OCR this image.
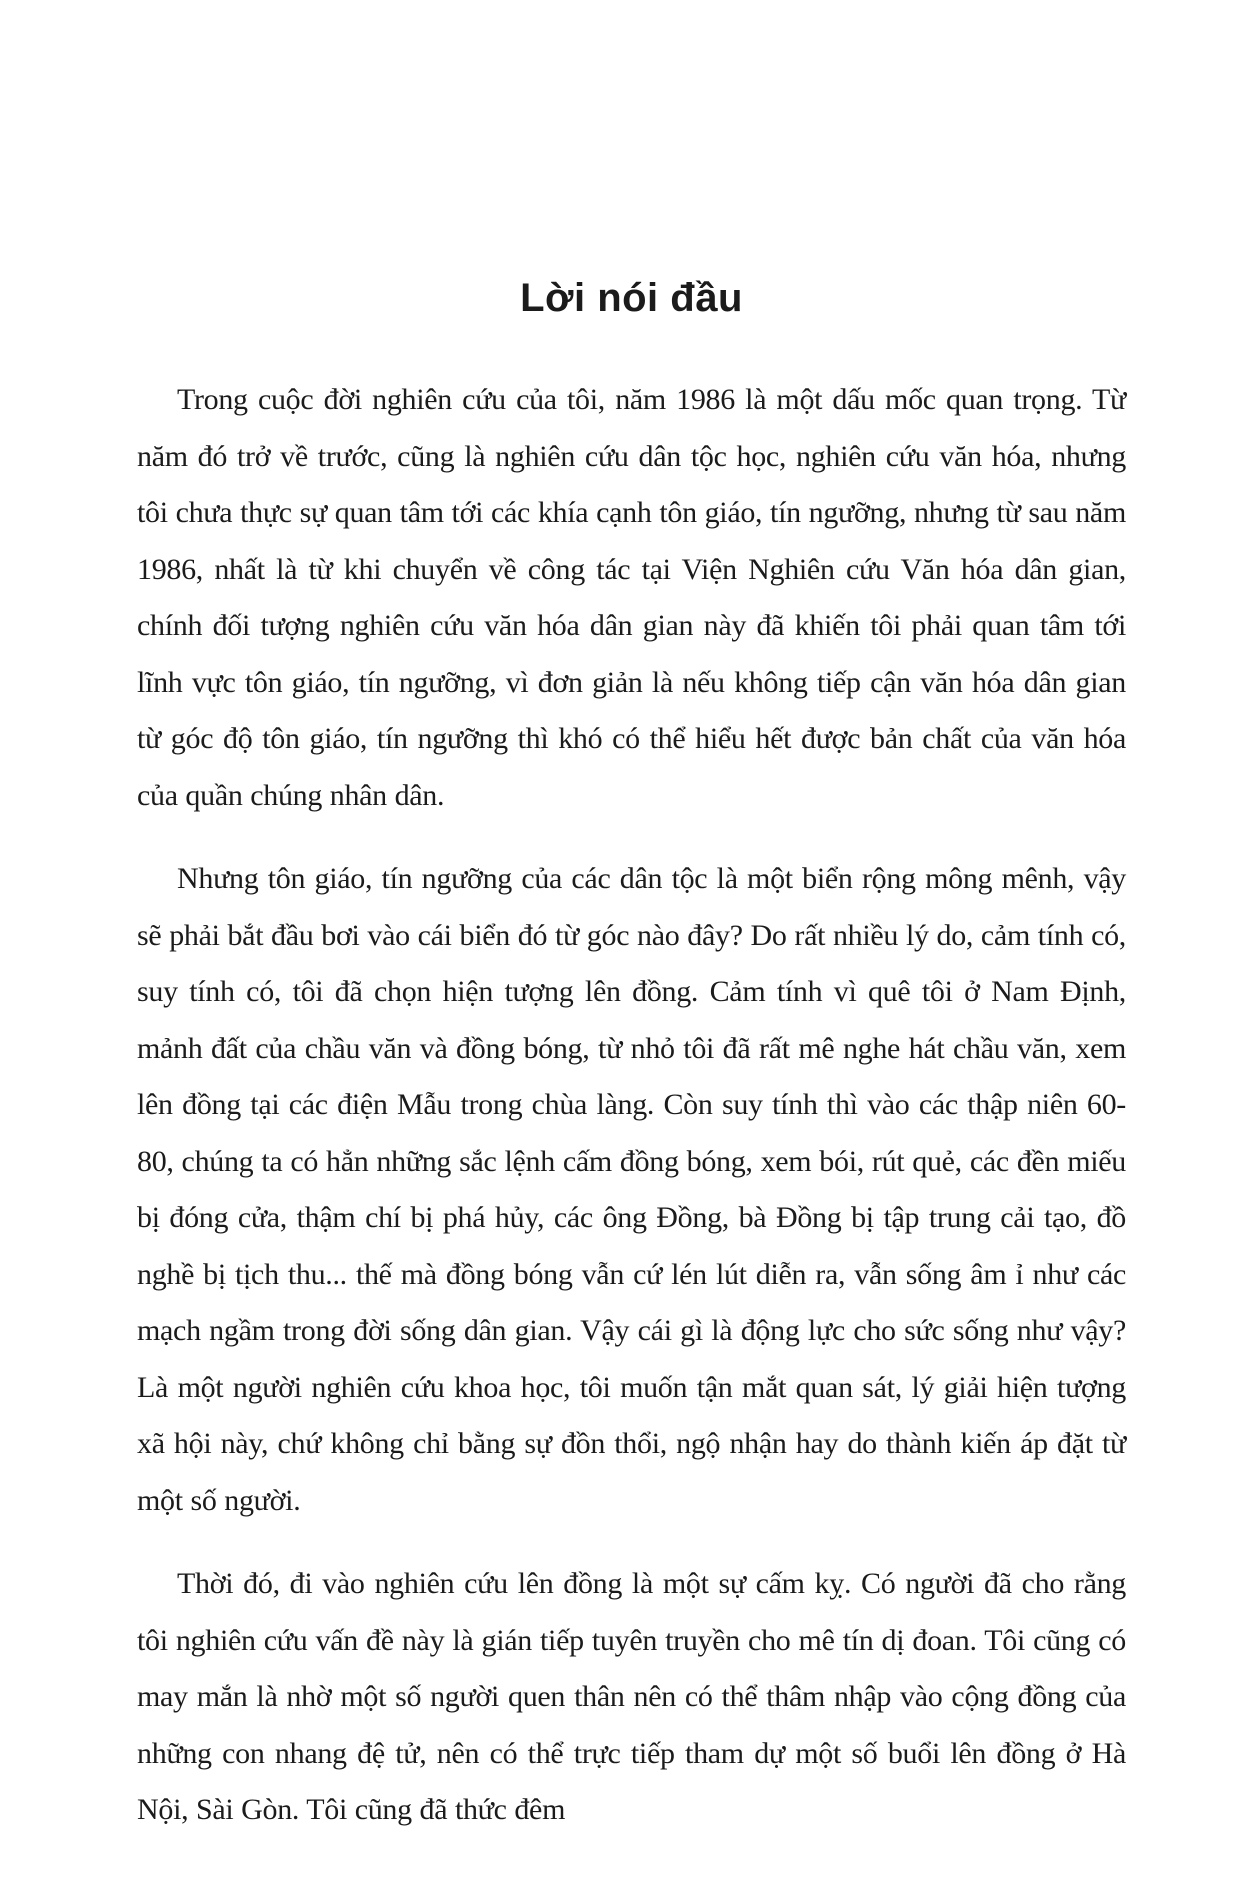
Lời nói đầu

Trong cuộc đời nghiên cứu của tôi, năm 1986 là một dấu mốc quan trọng. Từ năm đó trở về trước, cũng là nghiên cứu dân tộc học, nghiên cứu văn hóa, nhưng tôi chưa thực sự quan tâm tới các khía cạnh tôn giáo, tín ngưỡng, nhưng từ sau năm 1986, nhất là từ khi chuyển về công tác tại Viện Nghiên cứu Văn hóa dân gian, chính đối tượng nghiên cứu văn hóa dân gian này đã khiến tôi phải quan tâm tới lĩnh vực tôn giáo, tín ngưỡng, vì đơn giản là nếu không tiếp cận văn hóa dân gian từ góc độ tôn giáo, tín ngưỡng thì khó có thể hiểu hết được bản chất của văn hóa của quần chúng nhân dân.

Nhưng tôn giáo, tín ngưỡng của các dân tộc là một biển rộng mông mênh, vậy sẽ phải bắt đầu bơi vào cái biển đó từ góc nào đây? Do rất nhiều lý do, cảm tính có, suy tính có, tôi đã chọn hiện tượng lên đồng. Cảm tính vì quê tôi ở Nam Định, mảnh đất của chầu văn và đồng bóng, từ nhỏ tôi đã rất mê nghe hát chầu văn, xem lên đồng tại các điện Mẫu trong chùa làng. Còn suy tính thì vào các thập niên 60-80, chúng ta có hẳn những sắc lệnh cấm đồng bóng, xem bói, rút quẻ, các đền miếu bị đóng cửa, thậm chí bị phá hủy, các ông Đồng, bà Đồng bị tập trung cải tạo, đồ nghề bị tịch thu... thế mà đồng bóng vẫn cứ lén lút diễn ra, vẫn sống âm ỉ như các mạch ngầm trong đời sống dân gian. Vậy cái gì là động lực cho sức sống như vậy? Là một người nghiên cứu khoa học, tôi muốn tận mắt quan sát, lý giải hiện tượng xã hội này, chứ không chỉ bằng sự đồn thổi, ngộ nhận hay do thành kiến áp đặt từ một số người.

Thời đó, đi vào nghiên cứu lên đồng là một sự cấm kỵ. Có người đã cho rằng tôi nghiên cứu vấn đề này là gián tiếp tuyên truyền cho mê tín dị đoan. Tôi cũng có may mắn là nhờ một số người quen thân nên có thể thâm nhập vào cộng đồng của những con nhang đệ tử, nên có thể trực tiếp tham dự một số buổi lên đồng ở Hà Nội, Sài Gòn. Tôi cũng đã thức đêm
